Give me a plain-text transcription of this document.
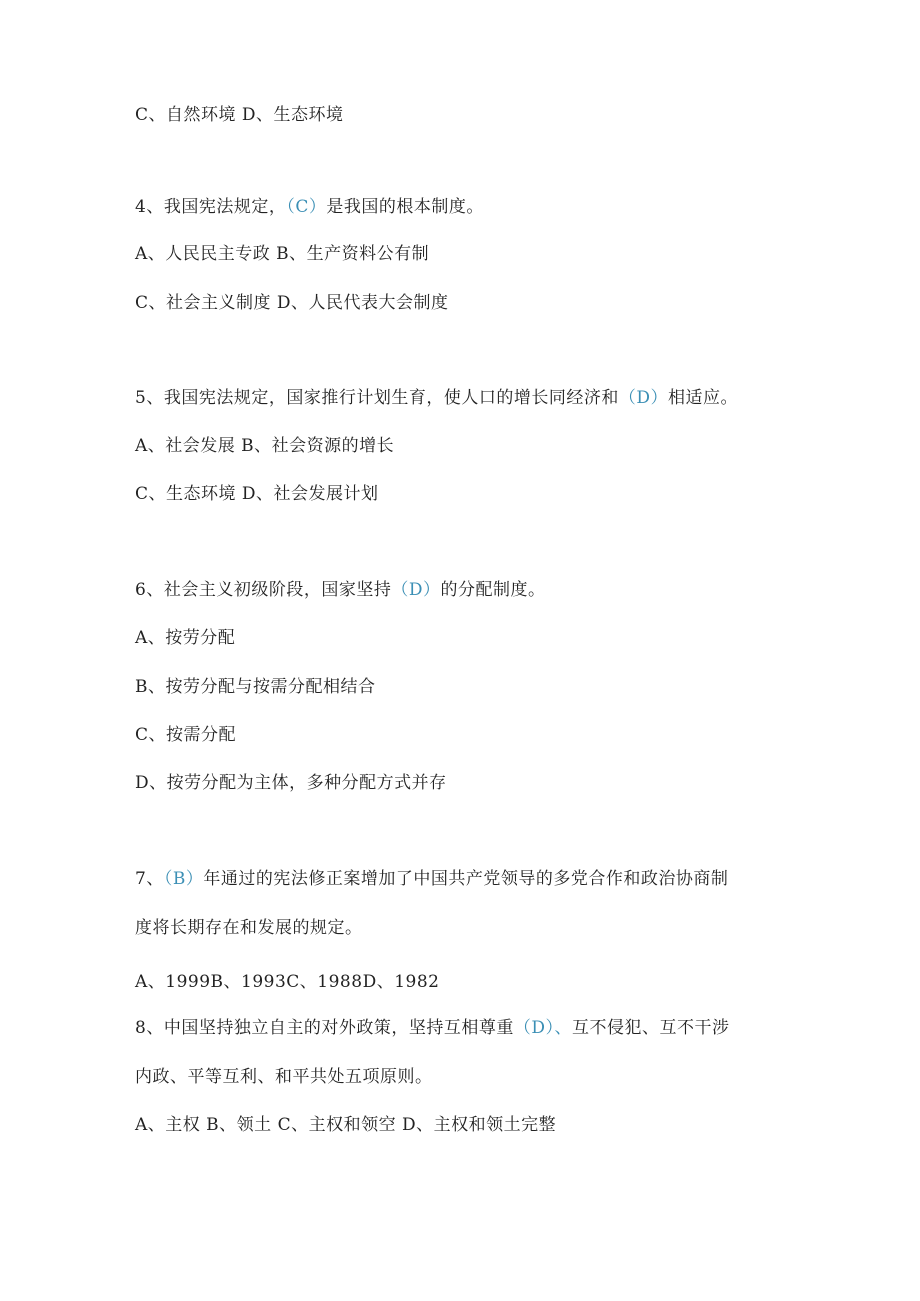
C、自然环境 D、生态环境
4、我国宪法规定，（C）是我国的根本制度。
A、人民民主专政 B、生产资料公有制
C、社会主义制度 D、人民代表大会制度
5、我国宪法规定，国家推行计划生育，使人口的增长同经济和（D）相适应。
A、社会发展 B、社会资源的增长
C、生态环境 D、社会发展计划
6、社会主义初级阶段，国家坚持（D）的分配制度。
A、按劳分配
B、按劳分配与按需分配相结合
C、按需分配
D、按劳分配为主体，多种分配方式并存
7、（B）年通过的宪法修正案增加了中国共产党领导的多党合作和政治协商制
度将长期存在和发展的规定。
A、1999B、1993C、1988D、1982
8、中国坚持独立自主的对外政策，坚持互相尊重（D）、互不侵犯、互不干涉
内政、平等互利、和平共处五项原则。
A、主权 B、领土 C、主权和领空 D、主权和领土完整
